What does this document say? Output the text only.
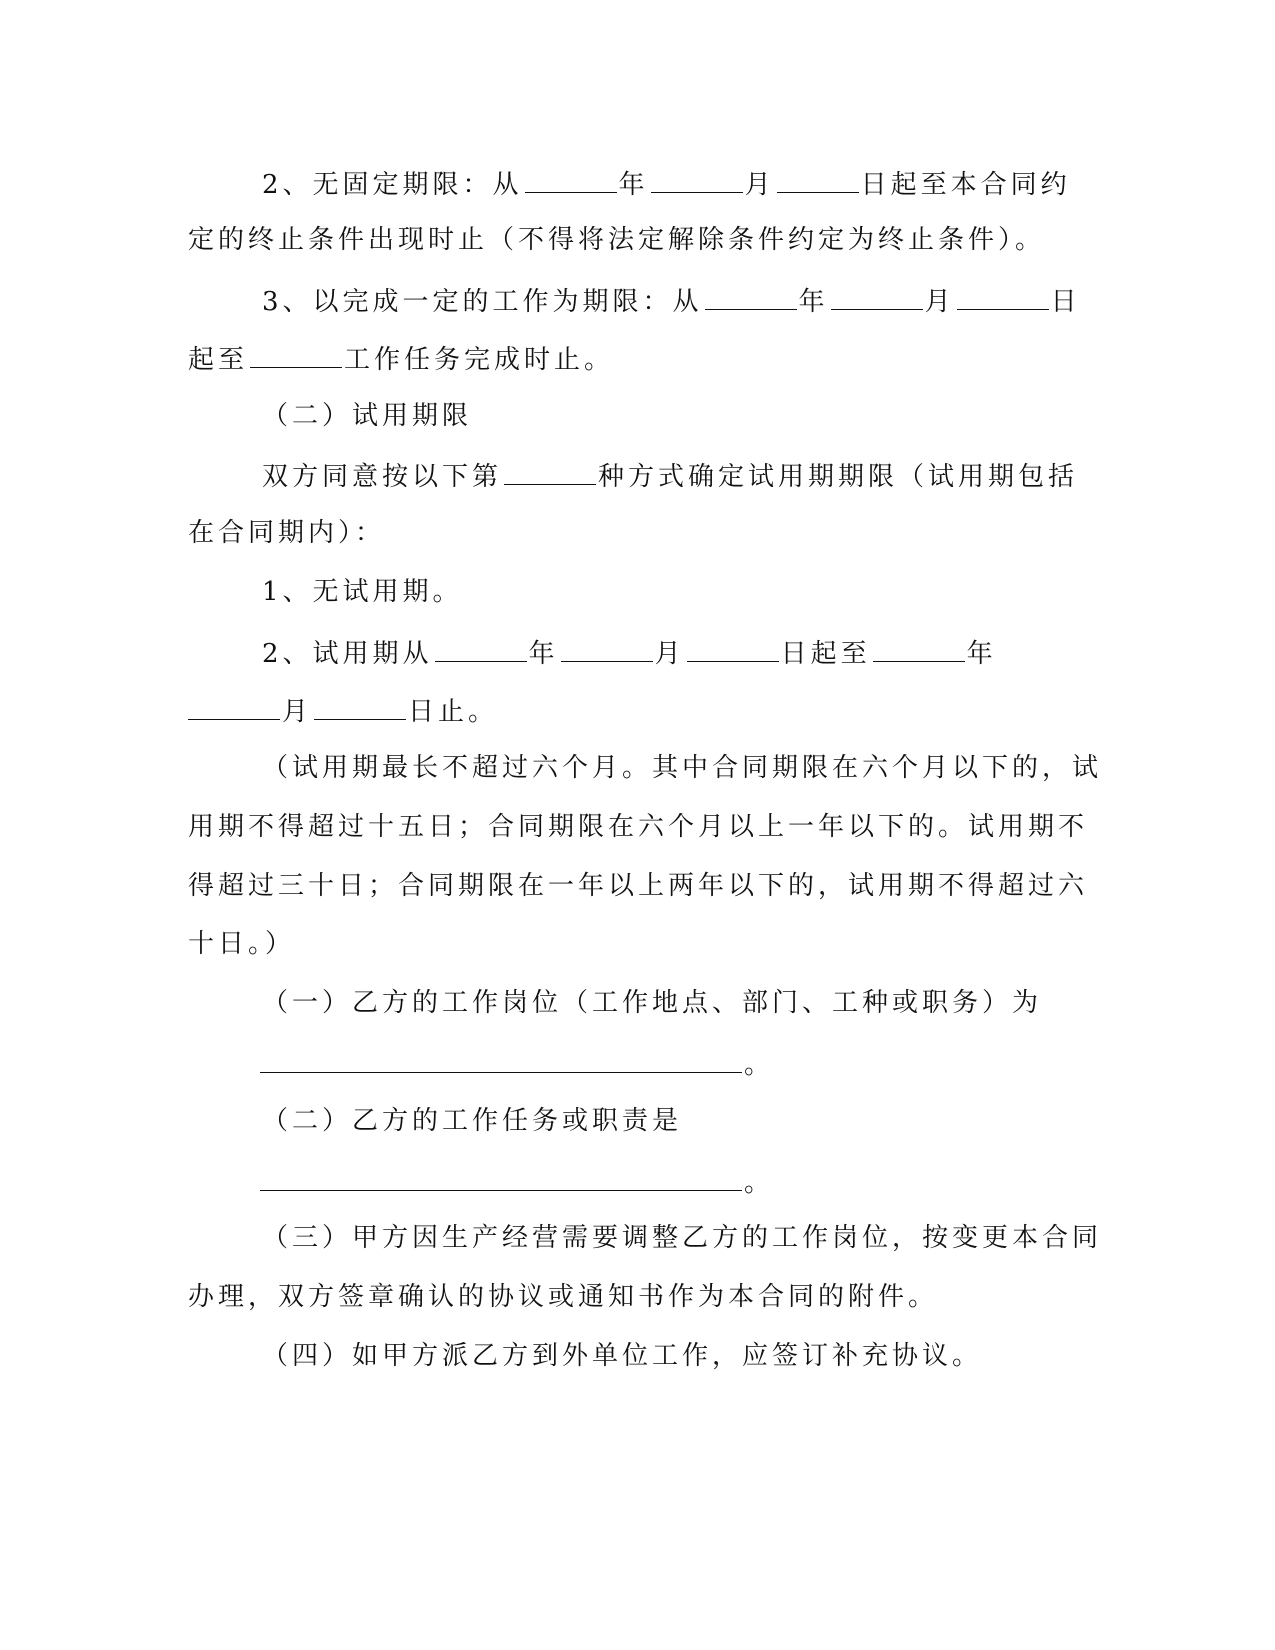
2、无固定期限：从	年	月	日起至本合同约
定的终止条件出现时止（不得将法定解除条件约定为终止条件）。
3、以完成一定的工作为期限：从	年	月	日
起至	工作任务完成时止。
（二）试用期限
双方同意按以下第	种方式确定试用期期限（试用期包括
在合同期内）：
1、无试用期。
2、试用期从	年	月	日起至	年
月	日止。
（试用期最长不超过六个月。其中合同期限在六个月以下的，试
用期不得超过十五日；合同期限在六个月以上一年以下的。试用期不
得超过三十日；合同期限在一年以上两年以下的，试用期不得超过六
十日。）
（一）乙方的工作岗位（工作地点、部门、工种或职务）为
。
（二）乙方的工作任务或职责是
。
（三）甲方因生产经营需要调整乙方的工作岗位，按变更本合同
办理，双方签章确认的协议或通知书作为本合同的附件。
（四）如甲方派乙方到外单位工作，应签订补充协议。
